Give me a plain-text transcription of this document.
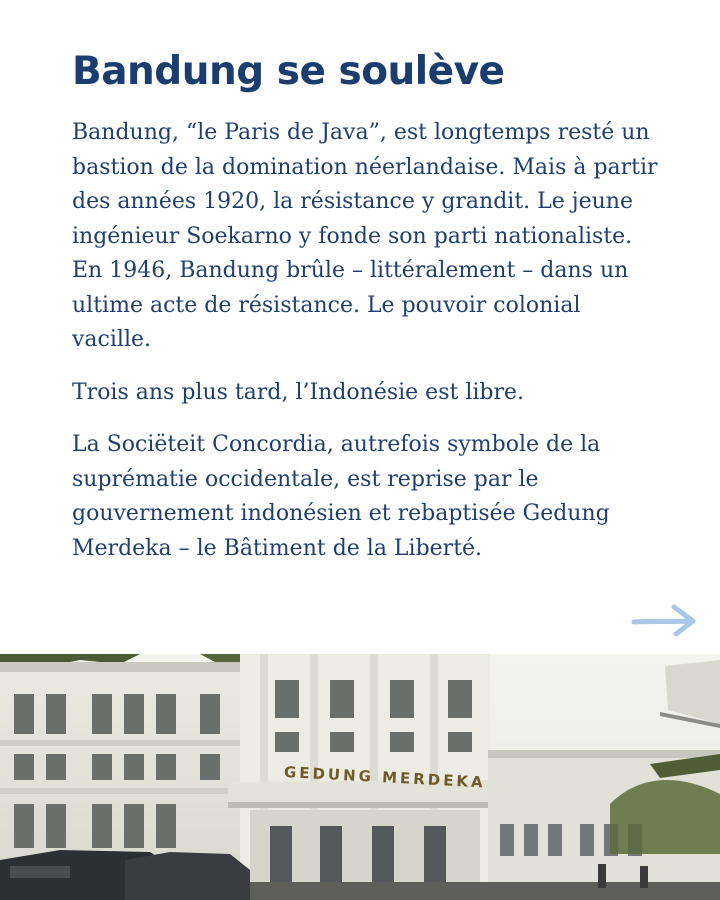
Bandung se soulève

Bandung, “le Paris de Java”, est longtemps resté un bastion de la domination néerlandaise. Mais à partir des années 1920, la résistance y grandit. Le jeune ingénieur Soekarno y fonde son parti nationaliste. En 1946, Bandung brûle – littéralement – dans un ultime acte de résistance. Le pouvoir colonial vacille.

Trois ans plus tard, l’Indonésie est libre.

La Sociëteit Concordia, autrefois symbole de la suprématie occidentale, est reprise par le gouvernement indonésien et rebaptisée Gedung Merdeka – le Bâtiment de la Liberté.

GEDUNG MERDEKA
